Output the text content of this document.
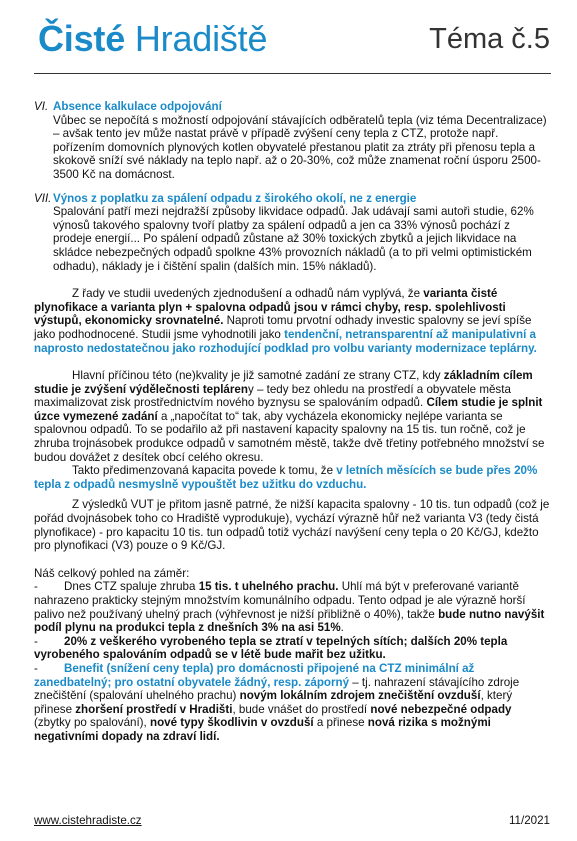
Čisté Hradiště	Téma č.5
VI. Absence kalkulace odpojování
Vůbec se nepočítá s možností odpojování stávajících odběratelů tepla (viz téma Decentralizace) – avšak tento jev může nastat právě v případě zvýšení ceny tepla z CTZ, protože např. pořízením domovních plynových kotlen obyvatelé přestanou platit za ztráty při přenosu tepla a skokově sníží své náklady na teplo např. až o 20-30%, což může znamenat roční úsporu 2500-3500 Kč na domácnost.
VII. Výnos z poplatku za spálení odpadu z širokého okolí, ne z energie
Spalování patří mezi nejdražší způsoby likvidace odpadů. Jak udávají sami autoři studie, 62% výnosů takového spalovny tvoří platby za spálení odpadů a jen ca 33% výnosů pochází z prodeje energií... Po spálení odpadů zůstane až 30% toxických zbytků a jejich likvidace na skládce nebezpečných odpadů spolkne 43% provozních nákladů (a to při velmi optimistickém odhadu), náklady je i čištění spalin (dalších min. 15% nákladů).

Z řady ve studii uvedených zjednodušení a odhadů nám vyplývá, že varianta čisté plynofikace a varianta plyn + spalovna odpadů jsou v rámci chyby, resp. spolehlivosti výstupů, ekonomicky srovnatelné. Naproti tomu prvotní odhady investic spalovny se jeví spíše jako podhodnocené. Studii jsme vyhodnotili jako tendenční, netransparentní až manipulativní a naprosto nedostatečnou jako rozhodující podklad pro volbu varianty modernizace teplárny.

Hlavní příčinou této (ne)kvality je již samotné zadání ze strany CTZ, kdy základním cílem studie je zvýšení výdělečnosti tepláreny – tedy bez ohledu na prostředí a obyvatele města maximalizovat zisk prostřednictvím nového byznysu se spalováním odpadů. Cílem studie je splnit úzce vymezené zadání a „napočítat to“ tak, aby vycházela ekonomicky nejlépe varianta se spalovnou odpadů. To se podařilo až při nastavení kapacity spalovny na 15 tis. tun ročně, což je zhruba trojnásobek produkce odpadů v samotném městě, takže dvě třetiny potřebného množství se budou dovážet z desítek obcí celého okresu.

Takto předimenzovaná kapacita povede k tomu, že v letních měsících se bude přes 20% tepla z odpadů nesmyslně vypouštět bez užitku do vzduchu.

Z výsledků VUT je přitom jasně patrné, že nižší kapacita spalovny - 10 tis. tun odpadů (což je pořád dvojnásobek toho co Hradiště vyprodukuje), vychází výrazně hůř než varianta V3 (tedy čistá plynofikace) - pro kapacitu 10 tis. tun odpadů totiž vychází navýšení ceny tepla o 20 Kč/GJ, kdežto pro plynofikaci (V3) pouze o 9 Kč/GJ.

Náš celkový pohled na záměr:

- Dnes CTZ spaluje zhruba 15 tis. t uhelného prachu. Uhlí má být v preferované variantě nahrazeno prakticky stejným množstvím komunálního odpadu. Tento odpad je ale výrazně horší palivo než používaný uhelný prach (výhřevnost je nižší přibližně o 40%), takže bude nutno navýšit podíl plynu na produkci tepla z dnešních 3% na asi 51%.

- 20% z veškerého vyrobeného tepla se ztratí v tepelných sítích; dalších 20% tepla vyrobeného spalováním odpadů se v létě bude mařit bez užitku.

- Benefit (snížení ceny tepla) pro domácnosti připojené na CTZ minimální až zanedbatelný; pro ostatní obyvatele žádný, resp. záporný – tj. nahrazení stávajícího zdroje znečištění (spalování uhelného prachu) novým lokálním zdrojem znečištění ovzduší, který přinese zhoršení prostředí v Hradišti, bude vnášet do prostředí nové nebezpečné odpady (zbytky po spalování), nové typy škodlivin v ovzduší a přinese nová rizika s možnými negativními dopady na zdraví lidí.

www.cistehradiste.cz	11/2021
